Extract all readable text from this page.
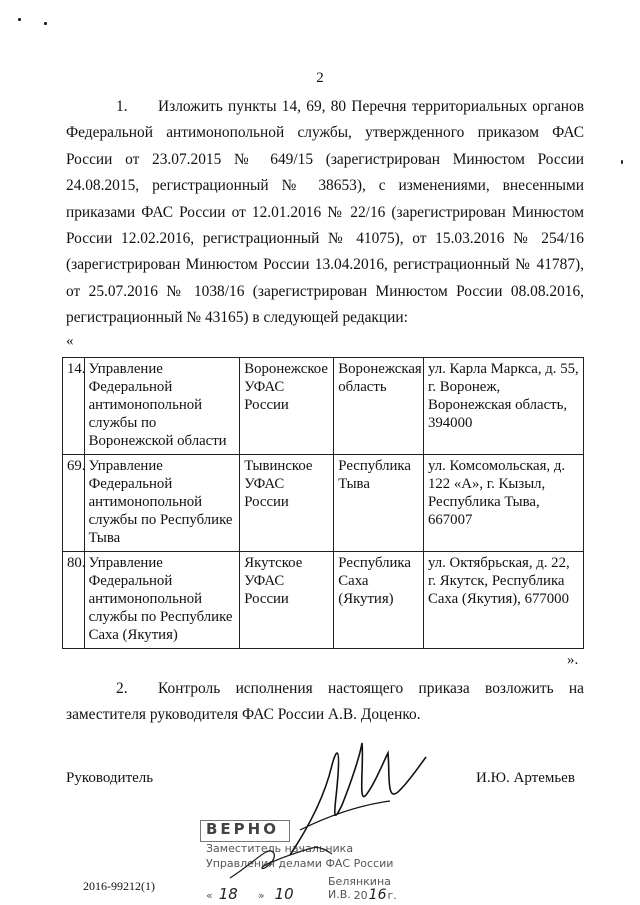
2
1. Изложить пункты 14, 69, 80 Перечня территориальных органов Федеральной антимонопольной службы, утвержденного приказом ФАС России от 23.07.2015 № 649/15 (зарегистрирован Минюстом России 24.08.2015, регистрационный № 38653), с изменениями, внесенными приказами ФАС России от 12.01.2016 № 22/16 (зарегистрирован Минюстом России 12.02.2016, регистрационный № 41075), от 15.03.2016 № 254/16 (зарегистрирован Минюстом России 13.04.2016, регистрационный № 41787), от 25.07.2016 № 1038/16 (зарегистрирован Минюстом России 08.08.2016, регистрационный № 43165) в следующей редакции:
«
14.	Управление Федеральной антимонопольной службы по Воронежской области	Воронежское УФАС России	Воронежская область	ул. Карла Маркса, д. 55, г. Воронеж, Воронежская область, 394000
69.	Управление Федеральной антимонопольной службы по Республике Тыва	Тывинское УФАС России	Республика Тыва	ул. Комсомольская, д. 122 «А», г. Кызыл, Республика Тыва, 667007
80.	Управление Федеральной антимонопольной службы по Республике Саха (Якутия)	Якутское УФАС России	Республика Саха (Якутия)	ул. Октябрьская, д. 22, г. Якутск, Республика Саха (Якутия), 677000
».
2. Контроль исполнения настоящего приказа возложить на заместителя руководителя ФАС России А.В. Доценко.
Руководитель	И.Ю. Артемьев
ВЕРНО
Заместитель начальника
Управления делами ФАС России
Белянкина И.В.
« 18 » 10	2016г.
2016-99212(1)
